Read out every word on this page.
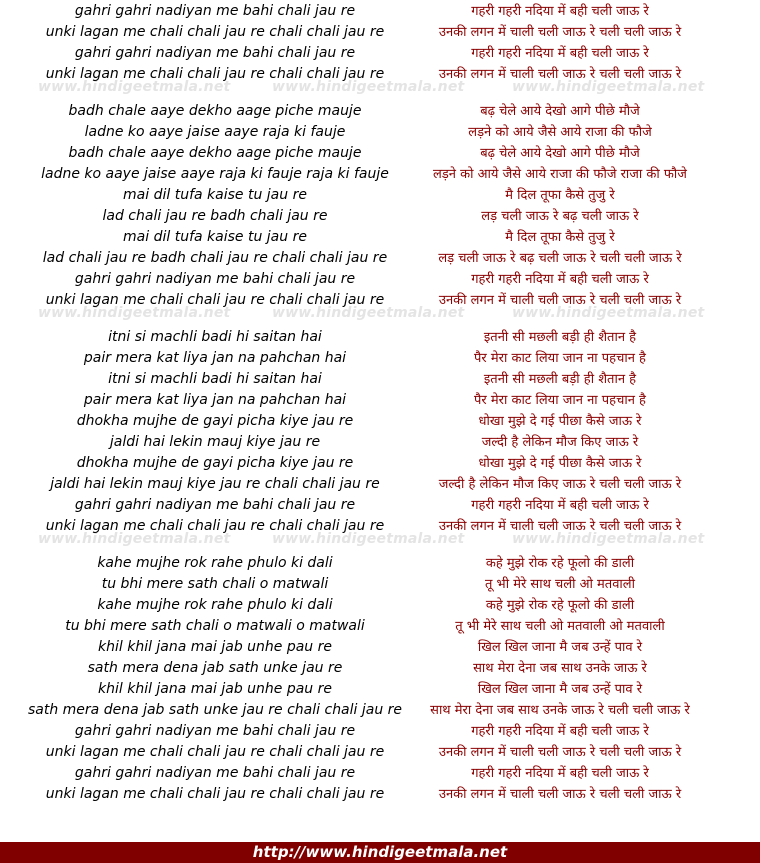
www.hindigeetmala.net	www.hindigeetmala.net	www.hindigeetmala.net
www.hindigeetmala.net	www.hindigeetmala.net	www.hindigeetmala.net
www.hindigeetmala.net	www.hindigeetmala.net	www.hindigeetmala.net
gahri gahri nadiyan me bahi chali jau re
unki lagan me chali chali jau re chali chali jau re
gahri gahri nadiyan me bahi chali jau re
unki lagan me chali chali jau re chali chali jau re
badh chale aaye dekho aage piche mauje
ladne ko aaye jaise aaye raja ki fauje
badh chale aaye dekho aage piche mauje
ladne ko aaye jaise aaye raja ki fauje raja ki fauje
mai dil tufa kaise tu jau re
lad chali jau re badh chali jau re
mai dil tufa kaise tu jau re
lad chali jau re badh chali jau re chali chali jau re
gahri gahri nadiyan me bahi chali jau re
unki lagan me chali chali jau re chali chali jau re
itni si machli badi hi saitan hai
pair mera kat liya jan na pahchan hai
itni si machli badi hi saitan hai
pair mera kat liya jan na pahchan hai
dhokha mujhe de gayi picha kiye jau re
jaldi hai lekin mauj kiye jau re
dhokha mujhe de gayi picha kiye jau re
jaldi hai lekin mauj kiye jau re chali chali jau re
gahri gahri nadiyan me bahi chali jau re
unki lagan me chali chali jau re chali chali jau re
kahe mujhe rok rahe phulo ki dali
tu bhi mere sath chali o matwali
kahe mujhe rok rahe phulo ki dali
tu bhi mere sath chali o matwali o matwali
khil khil jana mai jab unhe pau re
sath mera dena jab sath unke jau re
khil khil jana mai jab unhe pau re
sath mera dena jab sath unke jau re chali chali jau re
gahri gahri nadiyan me bahi chali jau re
unki lagan me chali chali jau re chali chali jau re
gahri gahri nadiyan me bahi chali jau re
unki lagan me chali chali jau re chali chali jau re
गहरी गहरी नदिया में बही चली जाऊ रे
उनकी लगन में चाली चली जाऊ रे चली चली जाऊ रे
गहरी गहरी नदिया में बही चली जाऊ रे
उनकी लगन में चाली चली जाऊ रे चली चली जाऊ रे
बढ़ चेले आये देखो आगे पीछे मौजे
लड़ने को आये जैसे आये राजा की फौजे
बढ़ चेले आये देखो आगे पीछे मौजे
लड़ने को आये जैसे आये राजा की फौजे राजा की फौजे
मै दिल तूफा कैसे तुजु रे
लड़ चली जाऊ रे बढ़ चली जाऊ रे
मै दिल तूफा कैसे तुजु रे
लड़ चली जाऊ रे बढ़ चली जाऊ रे चली चली जाऊ रे
गहरी गहरी नदिया में बही चली जाऊ रे
उनकी लगन में चाली चली जाऊ रे चली चली जाऊ रे
इतनी सी मछली बड़ी ही शैतान है
पैर मेरा काट लिया जान ना पहचान है
इतनी सी मछली बड़ी ही शैतान है
पैर मेरा काट लिया जान ना पहचान है
धोखा मुझे दे गई पीछा कैसे जाऊ रे
जल्दी है लेकिन मौज किए जाऊ रे
धोखा मुझे दे गई पीछा कैसे जाऊ रे
जल्दी है लेकिन मौज किए जाऊ रे चली चली जाऊ रे
गहरी गहरी नदिया में बही चली जाऊ रे
उनकी लगन में चाली चली जाऊ रे चली चली जाऊ रे
कहे मुझे रोक रहे फूलो की डाली
तू भी मेरे साथ चली ओ मतवाली
कहे मुझे रोक रहे फूलो की डाली
तू भी मेरे साथ चली ओ मतवाली ओ मतवाली
खिल खिल जाना मै जब उन्हें पाव रे
साथ मेरा देना जब साथ उनके जाऊ रे
खिल खिल जाना मै जब उन्हें पाव रे
साथ मेरा देना जब साथ उनके जाऊ रे चली चली जाऊ रे
गहरी गहरी नदिया में बही चली जाऊ रे
उनकी लगन में चाली चली जाऊ रे चली चली जाऊ रे
गहरी गहरी नदिया में बही चली जाऊ रे
उनकी लगन में चाली चली जाऊ रे चली चली जाऊ रे
http://www.hindigeetmala.net
